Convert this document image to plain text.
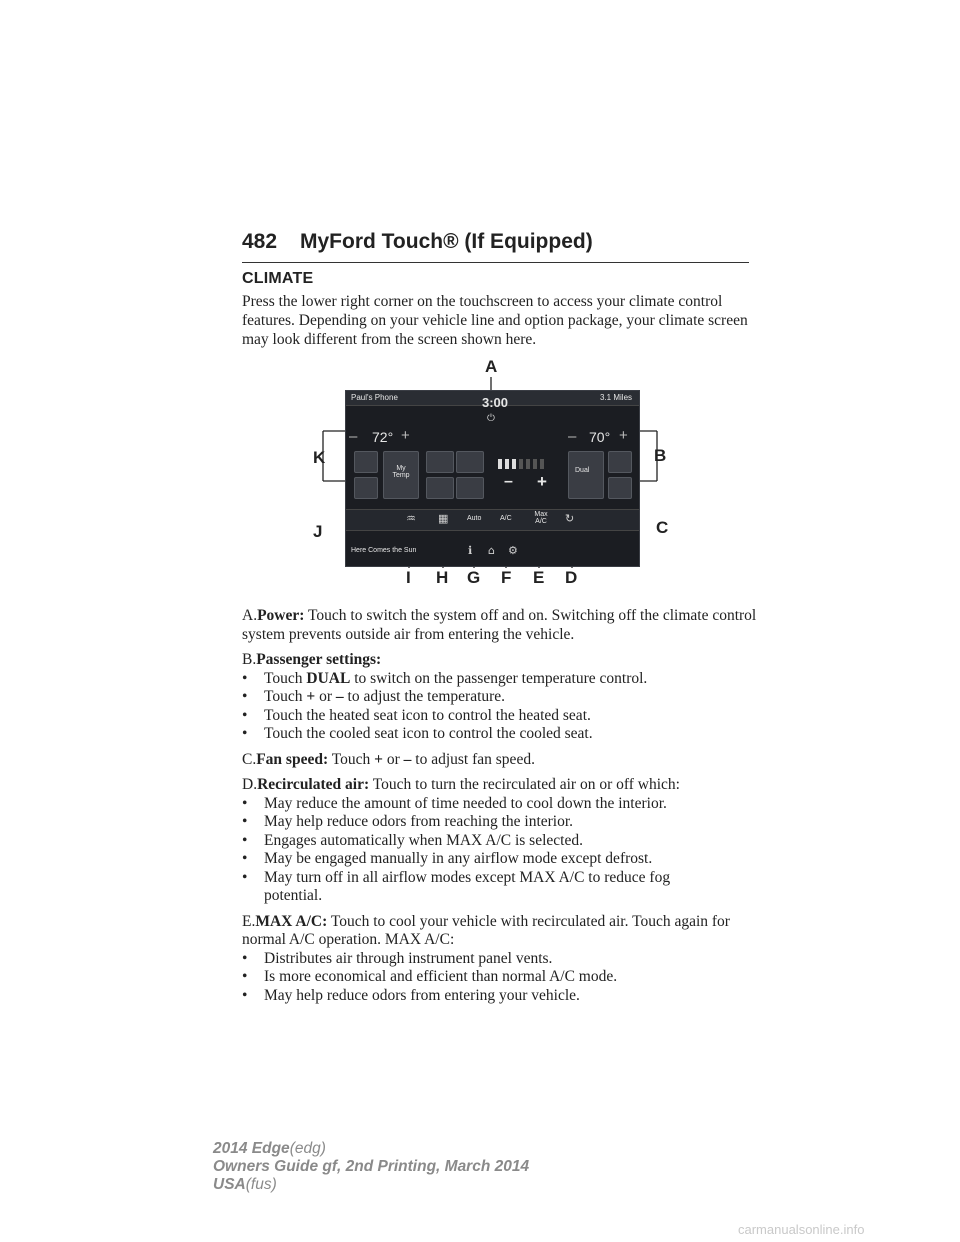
482 MyFord Touch® (If Equipped)
CLIMATE
Press the lower right corner on the touchscreen to access your climate control features. Depending on your vehicle line and option package, your climate screen may look different from the screen shown here.
Paul's Phone	3:00	3.1 Miles
⏻
– 72° +	– 70° +
My Temp	– +
Dual
♒ ▦	Auto	A/C
Max A/C	↻
Here Comes the Sun	ℹ ⌂ ⚙
A
B
C
D
E
F
G
H
I
J
K

A.Power: Touch to switch the system off and on. Switching off the climate control system prevents outside air from entering the vehicle.

B.Passenger settings:

•	Touch DUAL to switch on the passenger temperature control.
•	Touch + or – to adjust the temperature.
•	Touch the heated seat icon to control the heated seat.
•	Touch the cooled seat icon to control the cooled seat.

C.Fan speed: Touch + or – to adjust fan speed.

D.Recirculated air: Touch to turn the recirculated air on or off which:

•	May reduce the amount of time needed to cool down the interior.
•	May help reduce odors from reaching the interior.
•	Engages automatically when MAX A/C is selected.
•	May be engaged manually in any airflow mode except defrost.
•	May turn off in all airflow modes except MAX A/C to reduce fog potential.

E.MAX A/C: Touch to cool your vehicle with recirculated air. Touch again for normal A/C operation. MAX A/C:

•	Distributes air through instrument panel vents.
•	Is more economical and efficient than normal A/C mode.
•	May help reduce odors from entering your vehicle.
2014 Edge(edg)
Owners Guide gf, 2nd Printing, March 2014
USA(fus)
carmanualsonline.info
